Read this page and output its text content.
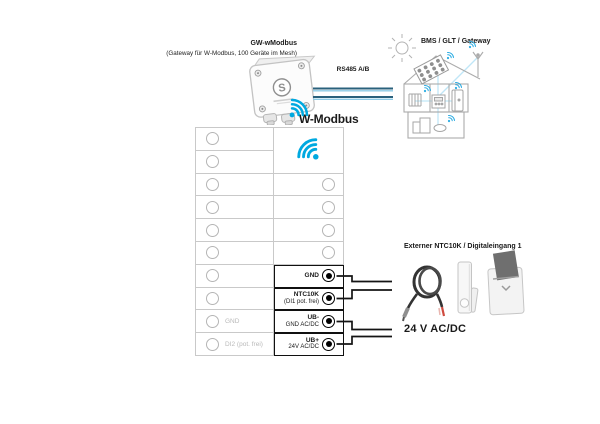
GW-wModbus
(Gateway für W-Modbus, 100 Geräte im Mesh)
BMS / GLT / Gateway
RS485 A/B
W-Modbus
Externer NTC10K / Digitaleingang 1
24 V AC/DC
S
GND
DI2 (pot. frei)
GND
NTC10K
(DI1 pot. frei)
UB-
GND AC/DC
UB+
24V AC/DC
